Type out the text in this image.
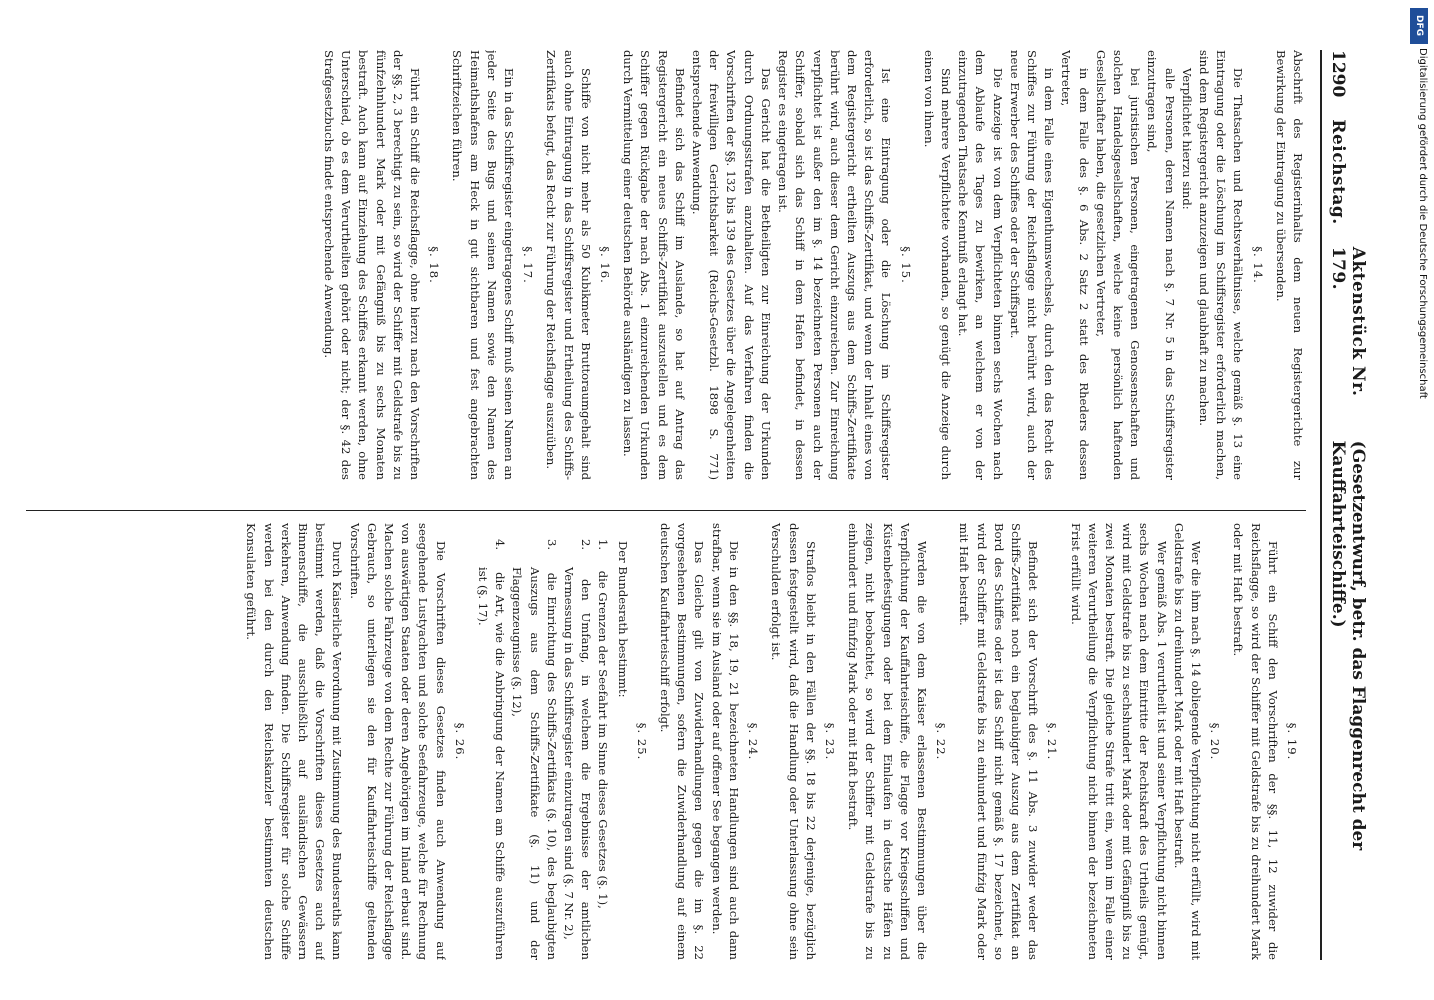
1290
Reichstag.
Aktenstück Nr. 179.
(Gesetzentwurf, betr. das Flaggenrecht der Kauffahrteischiffe.)

Abschrift des Registerinhalts dem neuen Registergerichte zur Bewirkung der Eintragung zu übersenden.

§. 14.

Die Thatsachen und Rechtsverhältnisse, welche gemäß §. 13 eine Eintragung oder die Löschung im Schiffsregister erforderlich machen, sind dem Registergericht anzuzeigen und glaubhaft zu machen.

Verpflichtet hierzu sind:

alle Personen, deren Namen nach §. 7 Nr. 5 in das Schiffsregister einzutragen sind,

bei juristischen Personen, eingetragenen Genossenschaften und solchen Handelsgesellschaften, welche keine persönlich haftenden Gesellschafter haben, die gesetzlichen Vertreter,

in dem Falle des §. 6 Abs. 2 Satz 2 statt des Rheders dessen Vertreter,

in dem Falle eines Eigenthumswechsels, durch den das Recht des Schiffes zur Führung der Reichsflagge nicht berührt wird, auch der neue Erwerber des Schiffes oder der Schiffspart.

Die Anzeige ist von dem Verpflichteten binnen sechs Wochen nach dem Ablaufe des Tages zu bewirken, an welchem er von der einzutragenden Thatsache Kenntniß erlangt hat.

Sind mehrere Verpflichtete vorhanden, so genügt die Anzeige durch einen von ihnen.

§. 15.

Ist eine Eintragung oder die Löschung im Schiffsregister erforderlich, so ist das Schiffs-Zertifikat, und wenn der Inhalt eines von dem Registergericht ertheilten Auszugs aus dem Schiffs-Zertifikate berührt wird, auch dieser dem Gericht einzureichen. Zur Einreichung verpflichtet ist außer den im §. 14 bezeichneten Personen auch der Schiffer, sobald sich das Schiff in dem Hafen befindet, in dessen Register es eingetragen ist.

Das Gericht hat die Betheiligten zur Einreichung der Urkunden durch Ordnungsstrafen anzuhalten. Auf das Verfahren finden die Vorschriften der §§. 132 bis 139 des Gesetzes über die Angelegenheiten der freiwilligen Gerichtsbarkeit (Reichs-Gesetzbl. 1898 S. 771) entsprechende Anwendung.

Befindet sich das Schiff im Auslande, so hat auf Antrag das Registergericht ein neues Schiffs-Zertifikat auszustellen und es dem Schiffer gegen Rückgabe der nach Abs. 1 einzureichenden Urkunden durch Vermittelung einer deutschen Behörde aushändigen zu lassen.

§. 16.

Schiffe von nicht mehr als 50 Kubikmeter Bruttoraumgehalt sind auch ohne Eintragung in das Schiffsregister und Ertheilung des Schiffs-Zertifikats befugt, das Recht zur Führung der Reichsflagge auszuüben.

§. 17.

Ein in das Schiffsregister eingetragenes Schiff muß seinen Namen an jeder Seite des Bugs und seinen Namen sowie den Namen des Heimathshafens am Heck in gut sichtbaren und fest angebrachten Schriftzeichen führen.

§. 18.

Führt ein Schiff die Reichsflagge, ohne hierzu nach den Vorschriften der §§. 2, 3 berechtigt zu sein, so wird der Schiffer mit Geldstrafe bis zu fünfzehnhundert Mark oder mit Gefängniß bis zu sechs Monaten bestraft. Auch kann auf Einziehung des Schiffes erkannt werden, ohne Unterschied, ob es dem Verurtheilten gehört oder nicht; der §. 42 des Strafgesetzbuchs findet entsprechende Anwendung.

§. 19.

Führt ein Schiff den Vorschriften der §§. 11, 12 zuwider die Reichsflagge, so wird der Schiffer mit Geldstrafe bis zu dreihundert Mark oder mit Haft bestraft.

§. 20.

Wer die ihm nach §. 14 obliegende Verpflichtung nicht erfüllt, wird mit Geldstrafe bis zu dreihundert Mark oder mit Haft bestraft.

Wer gemäß Abs. 1 verurtheilt ist und seiner Verpflichtung nicht binnen sechs Wochen nach dem Eintritte der Rechtskraft des Urtheils genügt, wird mit Geldstrafe bis zu sechshundert Mark oder mit Gefängniß bis zu zwei Monaten bestraft. Die gleiche Strafe tritt ein, wenn im Falle einer weiteren Verurtheilung die Verpflichtung nicht binnen der bezeichneten Frist erfüllt wird.

§. 21.

Befindet sich der Vorschrift des §. 11 Abs. 3 zuwider weder das Schiffs-Zertifikat noch ein beglaubigter Auszug aus dem Zertifikat an Bord des Schiffes oder ist das Schiff nicht gemäß §. 17 bezeichnet, so wird der Schiffer mit Geldstrafe bis zu einhundert und fünfzig Mark oder mit Haft bestraft.

§. 22.

Werden die von dem Kaiser erlassenen Bestimmungen über die Verpflichtung der Kauffahrteischiffe, die Flagge vor Kriegsschiffen und Küstenbefestigungen oder bei dem Einlaufen in deutsche Häfen zu zeigen, nicht beobachtet, so wird der Schiffer mit Geldstrafe bis zu einhundert und fünfzig Mark oder mit Haft bestraft.

§. 23.

Straflos bleibt in den Fällen der §§. 18 bis 22 derjenige, bezüglich dessen festgestellt wird, daß die Handlung oder Unterlassung ohne sein Verschulden erfolgt ist.

§. 24.

Die in den §§. 18, 19, 21 bezeichneten Handlungen sind auch dann strafbar, wenn sie im Ausland oder auf offener See begangen werden.

Das Gleiche gilt von Zuwiderhandlungen gegen die im §. 22 vorgesehenen Bestimmungen, sofern die Zuwiderhandlung auf einem deutschen Kauffahrteischiff erfolgt.

§. 25.

Der Bundesrath bestimmt:

1. die Grenzen der Seefahrt im Sinne dieses Gesetzes (§. 1),
2. den Umfang, in welchem die Ergebnisse der amtlichen Vermessung in das Schiffsregister einzutragen sind (§. 7 Nr. 2),
3. die Einrichtung des Schiffs-Zertifikats (§. 10), des beglaubigten Auszugs aus dem Schiffs-Zertifikate (§. 11) und der Flaggenzeugnisse (§. 12),
4. die Art, wie die Anbringung der Namen am Schiffe auszuführen ist (§. 17).

§. 26.

Die Vorschriften dieses Gesetzes finden auch Anwendung auf seegehende Lustyachten und solche Seefahrzeuge, welche für Rechnung von auswärtigen Staaten oder deren Angehörigen im Inland erbaut sind. Machen solche Fahrzeuge von dem Rechte zur Führung der Reichsflagge Gebrauch, so unterliegen sie den für Kauffahrteischiffe geltenden Vorschriften.

Durch Kaiserliche Verordnung mit Zustimmung des Bundesraths kann bestimmt werden, daß die Vorschriften dieses Gesetzes auch auf Binnenschiffe, die ausschließlich auf ausländischen Gewässern verkehren, Anwendung finden. Die Schiffsregister für solche Schiffe werden bei den durch den Reichskanzler bestimmten deutschen Konsulaten geführt.

DFG
Digitalisierung gefördert durch die Deutsche Forschungsgemeinschaft
